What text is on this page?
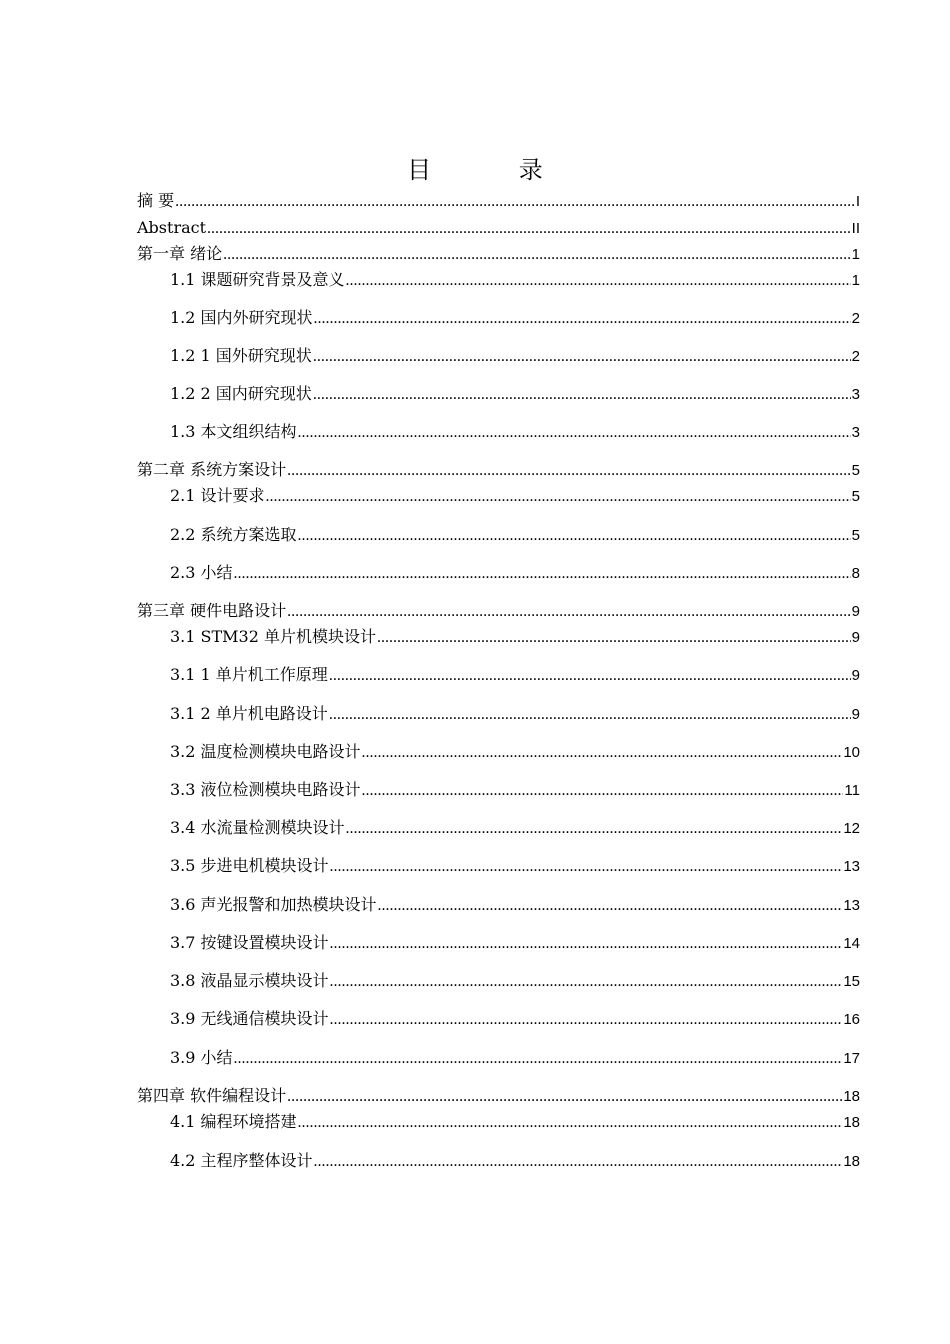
目 录
摘 要 .....	I
Abstract .....	II
第一章 绪论 .....	1
1.1 课题研究背景及意义 .....	1
1.2 国内外研究现状 .....	2
1.2 1 国外研究现状 .....	2
1.2 2 国内研究现状 .....	3
1.3 本文组织结构 .....	3
第二章 系统方案设计 .....	5
2.1 设计要求 .....	5
2.2 系统方案选取 .....	5
2.3 小结 .....	8
第三章 硬件电路设计 .....	9
3.1 STM32 单片机模块设计 .....	9
3.1 1 单片机工作原理 .....	9
3.1 2 单片机电路设计 .....	9
3.2 温度检测模块电路设计 .....	10
3.3 液位检测模块电路设计 .....	11
3.4 水流量检测模块设计 .....	12
3.5 步进电机模块设计 .....	13
3.6 声光报警和加热模块设计 .....	13
3.7 按键设置模块设计 .....	14
3.8 液晶显示模块设计 .....	15
3.9 无线通信模块设计 .....	16
3.9 小结 .....	17
第四章 软件编程设计 .....	18
4.1 编程环境搭建 .....	18
4.2 主程序整体设计 .....	18
